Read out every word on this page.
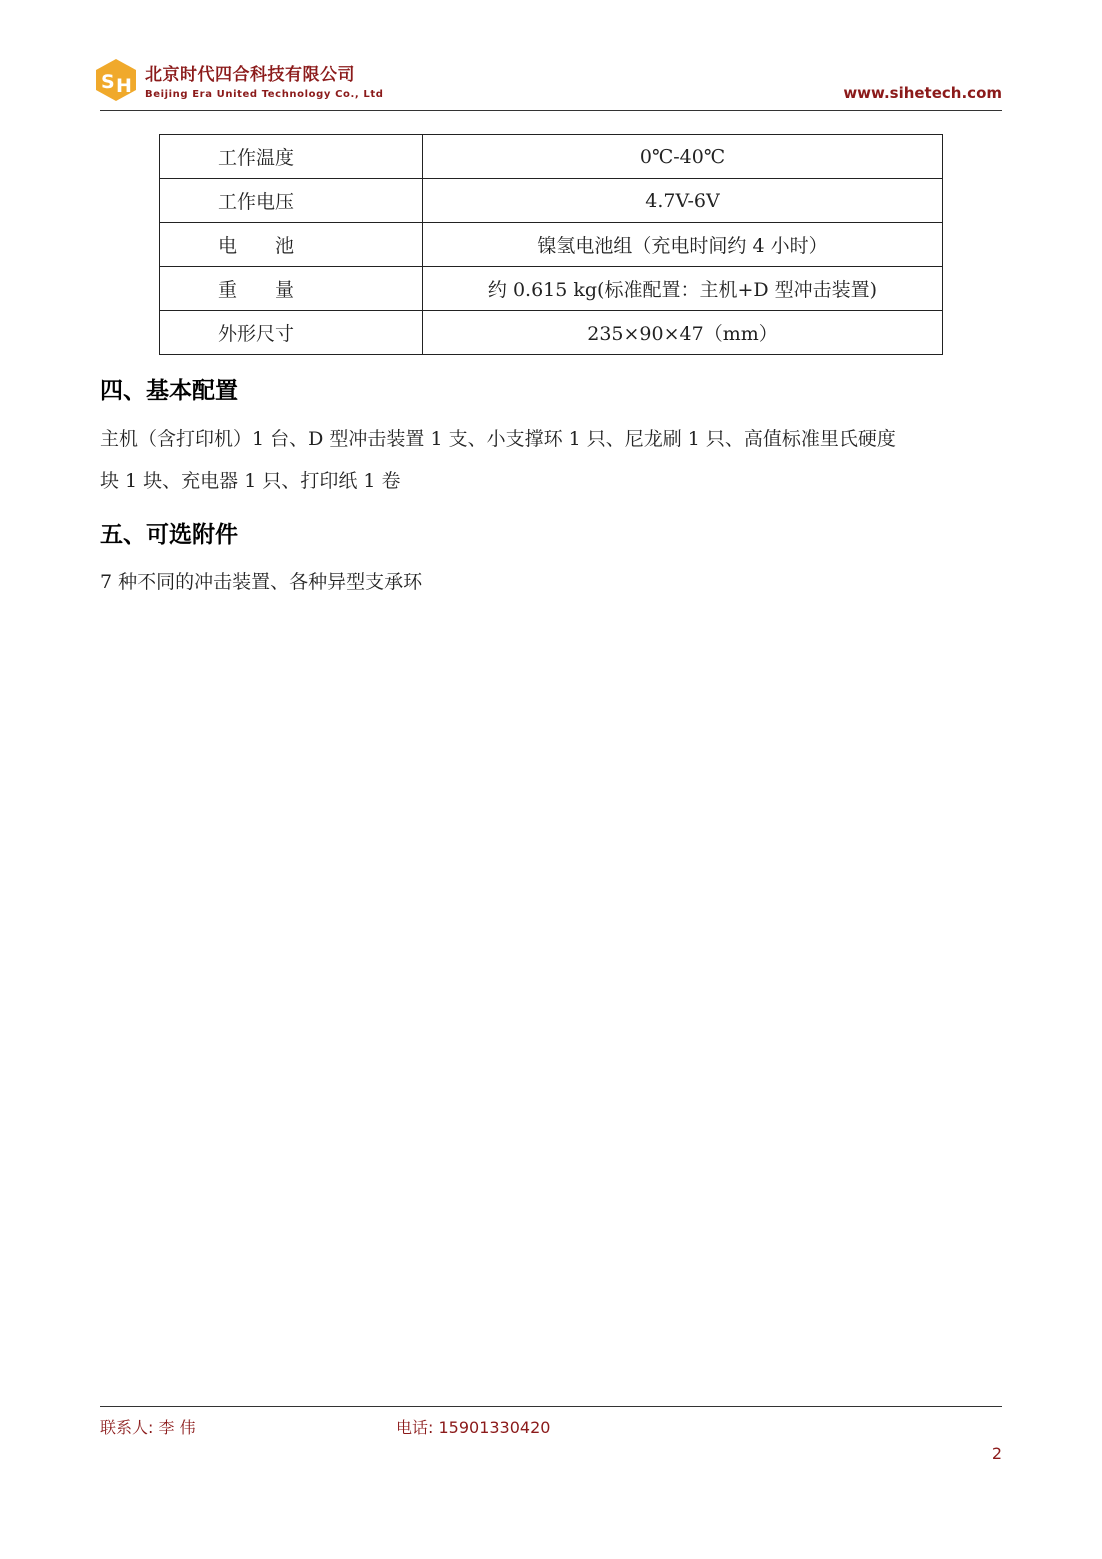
S H 北京时代四合科技有限公司
Beijing Era United Technology Co., Ltd	www.sihetech.com
工作温度	0℃-40℃
工作电压	4.7V-6V
电　　池	镍氢电池组（充电时间约 4 小时）
重　　量	约 0.615 kg(标准配置：主机+D 型冲击装置)
外形尺寸	235×90×47（mm）
四、基本配置
主机（含打印机）1 台、D 型冲击装置 1 支、小支撑环 1 只、尼龙刷 1 只、高值标准里氏硬度
块 1 块、充电器 1 只、打印纸 1 卷
五、可选附件
7 种不同的冲击装置、各种异型支承环
联系人: 李 伟	电话: 15901330420
2
